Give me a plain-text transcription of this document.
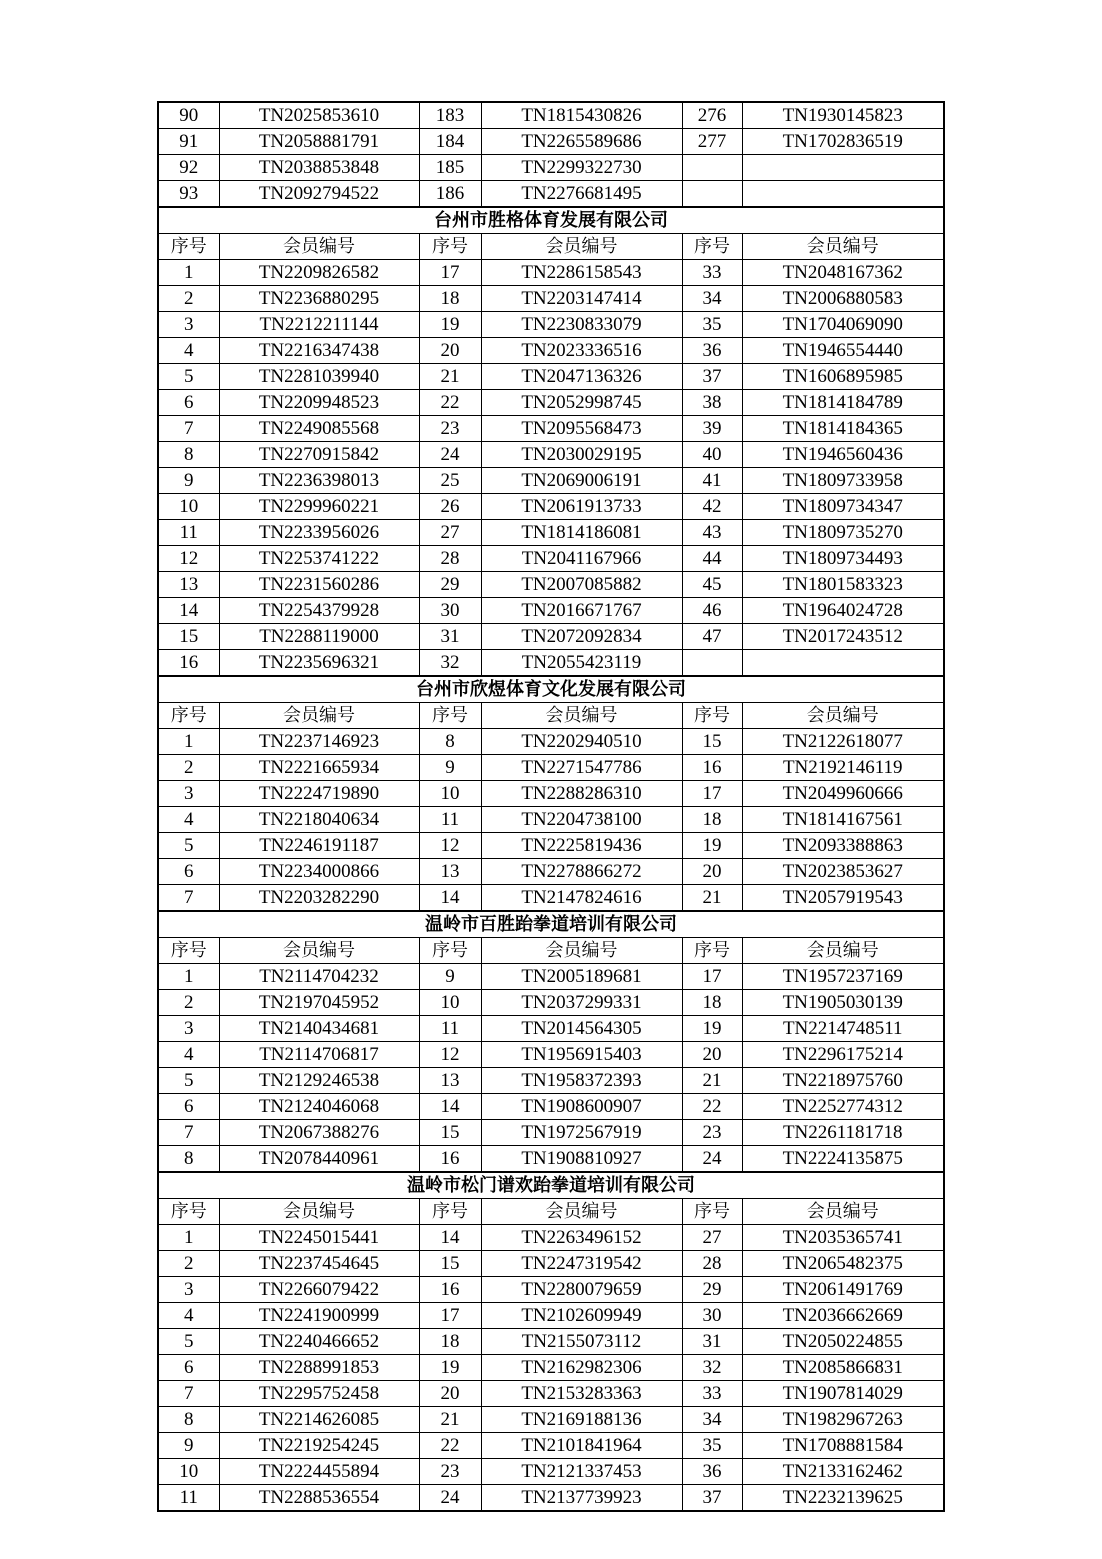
90	TN2025853610	183	TN1815430826	276	TN1930145823
91	TN2058881791	184	TN2265589686	277	TN1702836519
92	TN2038853848	185	TN2299322730		
93	TN2092794522	186	TN2276681495		
台州市胜格体育发展有限公司					
序号	会员编号	序号	会员编号	序号	会员编号
1	TN2209826582	17	TN2286158543	33	TN2048167362
2	TN2236880295	18	TN2203147414	34	TN2006880583
3	TN2212211144	19	TN2230833079	35	TN1704069090
4	TN2216347438	20	TN2023336516	36	TN1946554440
5	TN2281039940	21	TN2047136326	37	TN1606895985
6	TN2209948523	22	TN2052998745	38	TN1814184789
7	TN2249085568	23	TN2095568473	39	TN1814184365
8	TN2270915842	24	TN2030029195	40	TN1946560436
9	TN2236398013	25	TN2069006191	41	TN1809733958
10	TN2299960221	26	TN2061913733	42	TN1809734347
11	TN2233956026	27	TN1814186081	43	TN1809735270
12	TN2253741222	28	TN2041167966	44	TN1809734493
13	TN2231560286	29	TN2007085882	45	TN1801583323
14	TN2254379928	30	TN2016671767	46	TN1964024728
15	TN2288119000	31	TN2072092834	47	TN2017243512
16	TN2235696321	32	TN2055423119		
台州市欣煜体育文化发展有限公司					
序号	会员编号	序号	会员编号	序号	会员编号
1	TN2237146923	8	TN2202940510	15	TN2122618077
2	TN2221665934	9	TN2271547786	16	TN2192146119
3	TN2224719890	10	TN2288286310	17	TN2049960666
4	TN2218040634	11	TN2204738100	18	TN1814167561
5	TN2246191187	12	TN2225819436	19	TN2093388863
6	TN2234000866	13	TN2278866272	20	TN2023853627
7	TN2203282290	14	TN2147824616	21	TN2057919543
温岭市百胜跆拳道培训有限公司					
序号	会员编号	序号	会员编号	序号	会员编号
1	TN2114704232	9	TN2005189681	17	TN1957237169
2	TN2197045952	10	TN2037299331	18	TN1905030139
3	TN2140434681	11	TN2014564305	19	TN2214748511
4	TN2114706817	12	TN1956915403	20	TN2296175214
5	TN2129246538	13	TN1958372393	21	TN2218975760
6	TN2124046068	14	TN1908600907	22	TN2252774312
7	TN2067388276	15	TN1972567919	23	TN2261181718
8	TN2078440961	16	TN1908810927	24	TN2224135875
温岭市松门谱欢跆拳道培训有限公司					
序号	会员编号	序号	会员编号	序号	会员编号
1	TN2245015441	14	TN2263496152	27	TN2035365741
2	TN2237454645	15	TN2247319542	28	TN2065482375
3	TN2266079422	16	TN2280079659	29	TN2061491769
4	TN2241900999	17	TN2102609949	30	TN2036662669
5	TN2240466652	18	TN2155073112	31	TN2050224855
6	TN2288991853	19	TN2162982306	32	TN2085866831
7	TN2295752458	20	TN2153283363	33	TN1907814029
8	TN2214626085	21	TN2169188136	34	TN1982967263
9	TN2219254245	22	TN2101841964	35	TN1708881584
10	TN2224455894	23	TN2121337453	36	TN2133162462
11	TN2288536554	24	TN2137739923	37	TN2232139625
